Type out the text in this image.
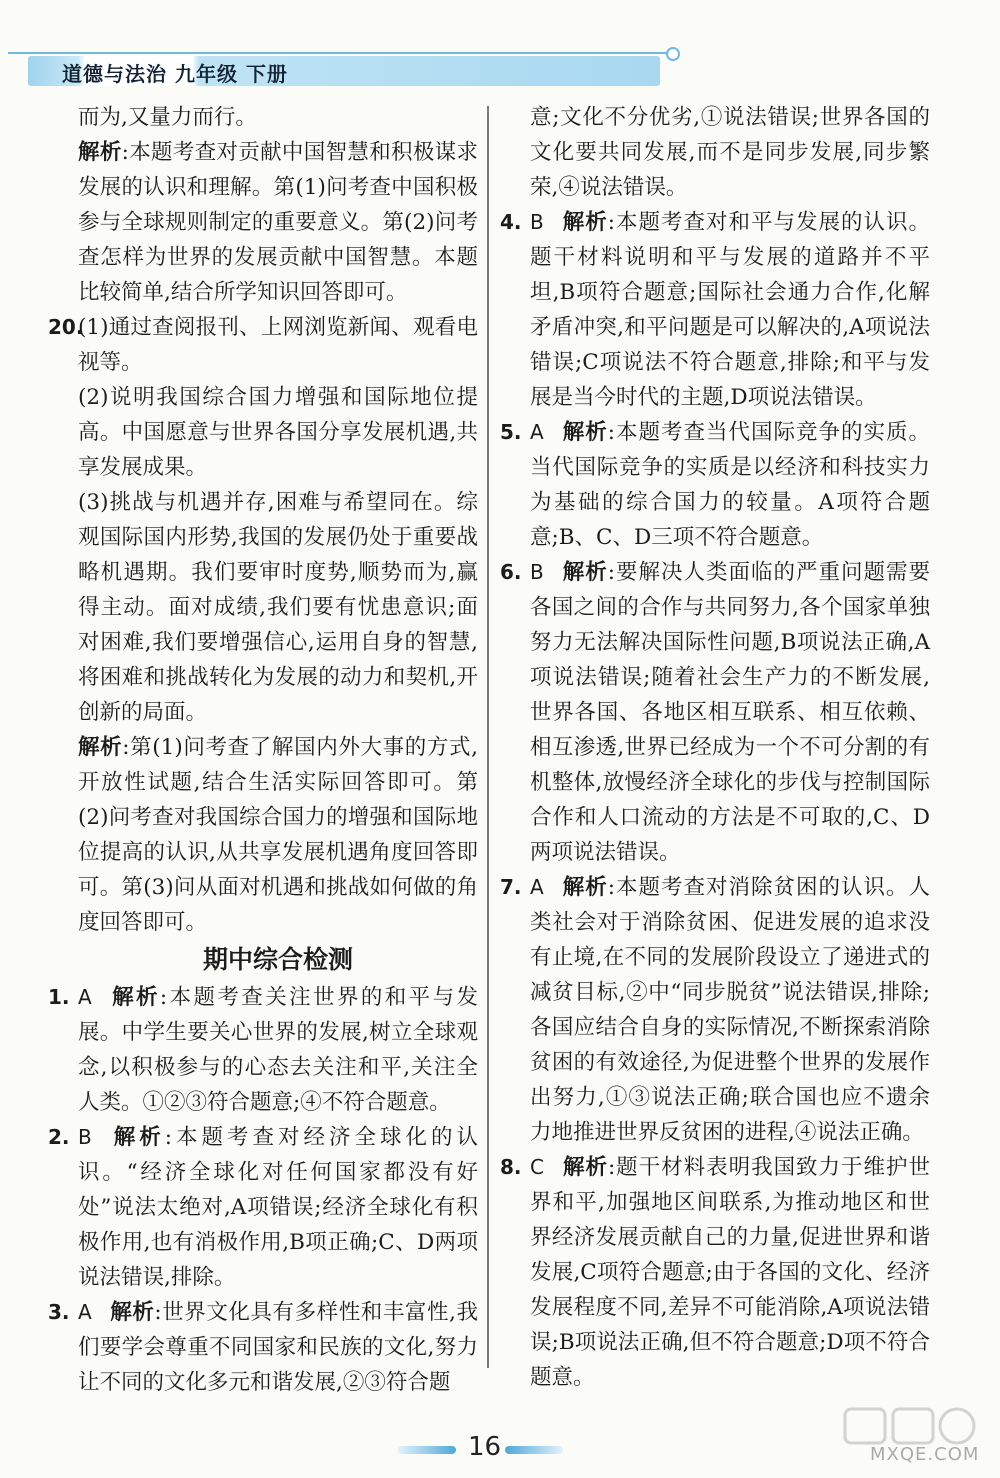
道德与法治 九年级 下册

而为,又量力而行。

解析:本题考查对贡献中国智慧和积极谋求发展的认识和理解。第(1)问考查中国积极参与全球规则制定的重要意义。第(2)问考查怎样为世界的发展贡献中国智慧。本题比较简单,结合所学知识回答即可。

20.

(1)通过查阅报刊、上网浏览新闻、观看电视等。

(2)说明我国综合国力增强和国际地位提高。中国愿意与世界各国分享发展机遇,共享发展成果。

(3)挑战与机遇并存,困难与希望同在。综观国际国内形势,我国的发展仍处于重要战略机遇期。我们要审时度势,顺势而为,赢得主动。面对成绩,我们要有忧患意识;面对困难,我们要增强信心,运用自身的智慧,将困难和挑战转化为发展的动力和契机,开创新的局面。

解析:第(1)问考查了解国内外大事的方式,开放性试题,结合生活实际回答即可。第(2)问考查对我国综合国力的增强和国际地位提高的认识,从共享发展机遇角度回答即可。第(3)问从面对机遇和挑战如何做的角度回答即可。

期中综合检测

1. A 解析:本题考查关注世界的和平与发展。中学生要关心世界的发展,树立全球观念,以积极参与的心态去关注和平,关注全人类。①②③符合题意;④不符合题意。

2. B 解析:本题考查对经济全球化的认识。“经济全球化对任何国家都没有好处”说法太绝对,A项错误;经济全球化有积极作用,也有消极作用,B项正确;C、D两项说法错误,排除。

3. A 解析:世界文化具有多样性和丰富性,我们要学会尊重不同国家和民族的文化,努力让不同的文化多元和谐发展,②③符合题

意;文化不分优劣,①说法错误;世界各国的文化要共同发展,而不是同步发展,同步繁荣,④说法错误。

4. B 解析:本题考查对和平与发展的认识。题干材料说明和平与发展的道路并不平坦,B项符合题意;国际社会通力合作,化解矛盾冲突,和平问题是可以解决的,A项说法错误;C项说法不符合题意,排除;和平与发展是当今时代的主题,D项说法错误。

5. A 解析:本题考查当代国际竞争的实质。当代国际竞争的实质是以经济和科技实力为基础的综合国力的较量。A项符合题意;B、C、D三项不符合题意。

6. B 解析:要解决人类面临的严重问题需要各国之间的合作与共同努力,各个国家单独努力无法解决国际性问题,B项说法正确,A项说法错误;随着社会生产力的不断发展,世界各国、各地区相互联系、相互依赖、相互渗透,世界已经成为一个不可分割的有机整体,放慢经济全球化的步伐与控制国际合作和人口流动的方法是不可取的,C、D两项说法错误。

7. A 解析:本题考查对消除贫困的认识。人类社会对于消除贫困、促进发展的追求没有止境,在不同的发展阶段设立了递进式的减贫目标,②中“同步脱贫”说法错误,排除;各国应结合自身的实际情况,不断探索消除贫困的有效途径,为促进整个世界的发展作出努力,①③说法正确;联合国也应不遗余力地推进世界反贫困的进程,④说法正确。

8. C 解析:题干材料表明我国致力于维护世界和平,加强地区间联系,为推动地区和世界经济发展贡献自己的力量,促进世界和谐发展,C项符合题意;由于各国的文化、经济发展程度不同,差异不可能消除,A项说法错误;B项说法正确,但不符合题意;D项不符合题意。

16	MXQE.COM
